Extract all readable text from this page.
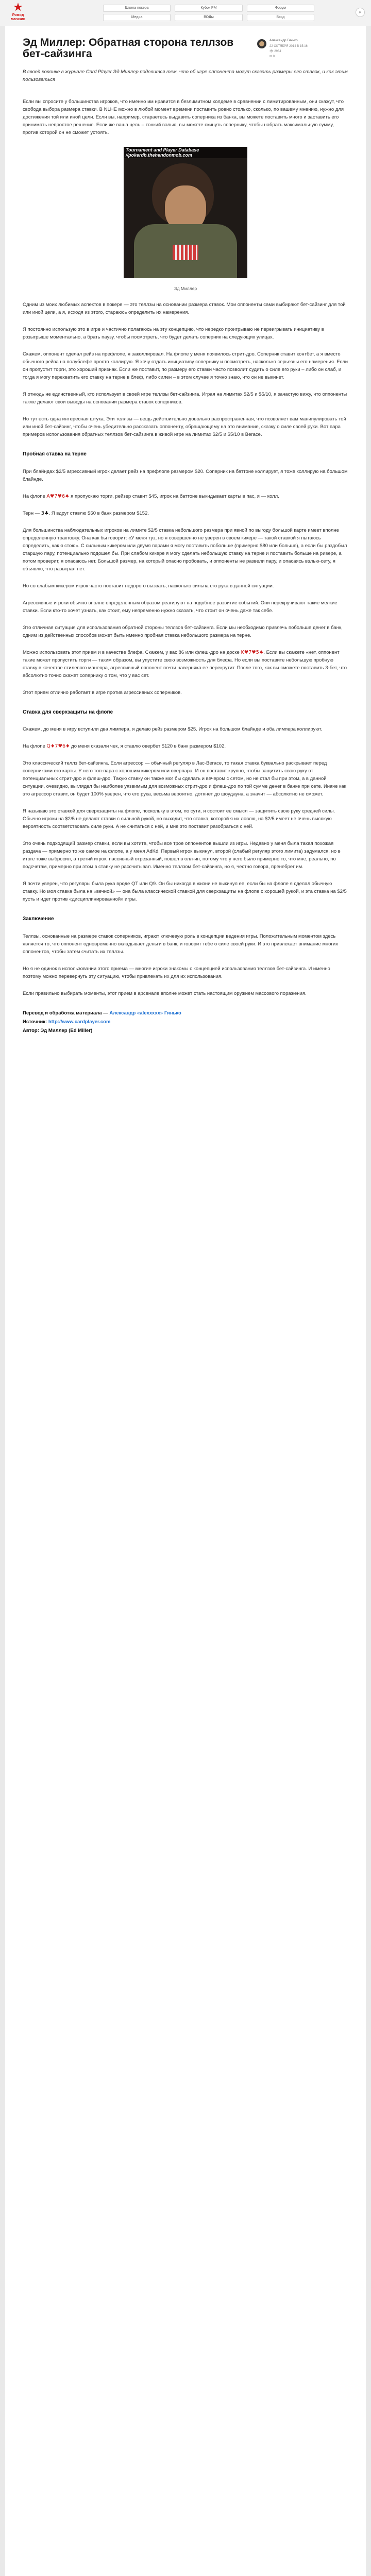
★
Ромид магазин
Школа покера	Кубок PM	Форум
Медиа	ВОДы	Вход
⌕
Эд Миллер: Обратная сторона теллзов бет-сайзинга
Александр Гинько
22 OКТЯБРЯ 2014 В 15:16
👁 2984
✉ 0
В своей колонке в журнале Card Player Эд Миллер поделится тем, что об игре оппонента могут сказать размеры его ставок, и как этим пользоваться
Если вы спросите у большинства игроков, что именно им нравится в безлимитном холдеме в сравнении с лимитированным, они скажут, что свобода выбора размера ставки. В NLHE можно в любой момент времени поставить ровно столько, сколько, по вашему мнению, нужно для достижения той или иной цели. Если вы, например, стараетесь выдавить соперника из банка, вы можете поставить много и заставить его принимать непростое решение. Если же ваша цель – тонкий вэлью, вы можете скинуть сопернику, чтобы набрать максимальную сумму, против которой он не сможет устоять.
Tournament and Player Database
//pokerdb.thehendonmob.com
Эд Миллер
Одним из моих любимых аспектов в покере — это теллзы на основании размера ставок. Мои оппоненты сами выбирают бет-сайзинг для той или иной цели, а я, исходя из этого, стараюсь определить их намерения.
Я постоянно использую это в игре и частично полагаюсь на эту концепцию, что нередко проигрываю не переигрывать инициативу в розыгрыше моментально, а брать паузу, чтобы посмотреть, что будет делать соперник на следующих улицах.
Скажем, оппонент сделал рейз на префлопе, я заколлировал. На флопе у меня появилось стрит-дро. Соперник ставит контбет, а я вместо обычного рейза на полублефе просто коллирую. Я хочу отдать инициативу сопернику и посмотреть, насколько серьезны его намерения. Если он пропустит торги, это хороший признак. Если же поставит, по размеру его ставки часто позволит судить о силе его руки – либо он слаб, и тогда я могу перехватить его ставку на терне в блеф, либо силен – в этом случае я точно знаю, что он не выкинет.
Я отнюдь не единственный, кто использует в своей игре теллзы бет-сайзинга. Играя на лимитах $2/5 и $5/10, я зачастую вижу, что оппоненты также делают свои выводы на основании размера ставок соперников.
Но тут есть одна интересная штука. Эти теллзы — вещь действительно довольно распространенная, что позволяет вам манипулировать той или иной бет-сайзинг, чтобы очень убедительно рассказать оппоненту, обращающему на это внимание, сказку о силе своей руки. Вот пара примеров использования обратных теллзов бет-сайзинга в живой игре на лимитах $2/5 и $5/10 в Вегасе.
Пробная ставка на терне
При блайндах $2/5 агрессивный игрок делает рейз на префлопе размером $20. Соперник на баттоне коллирует, я тоже коллирую на большом блайнде.
На флопе A♥7♥6♠ я пропускаю торги, рейзер ставит $45, игрок на баттоне выкидывает карты в пас, я — колл.
Терн — 3♣. Я вдруг ставлю $50 в банк размером $152.
Для большинства наблюдательных игроков на лимите $2/5 ставка небольшого размера при явной по выгоду большой карте имеет вполне определенную трактовку. Она как бы говорит: «У меня туз, но я совершенно не уверен в своем кикере — такой ставкой я пытаюсь определить, как я стою». С сильным кикером или двумя парами я могу поставить побольше (примерно $80 или больше), а если бы раздобыл старшую пару, потенциально подошел бы. При слабом кикере я могу сделать небольшую ставку на терне и поставить больше на ривере, а потом проверит, я опасаюсь нет. Большой размер, на который опасно пробовать, и оппоненты не развели пару, и опасаясь вэлью-сету, я объявлю, что разыграл нет.
Но со слабым кикером игрок часто поставит недорого вызвать, насколько сильна его рука в данной ситуации.
Агрессивные игроки обычно вполне определенным образом реагируют на подобное развитие событий. Они перекручивают такие мелкие ставки. Если кто-то хочет узнать, как стоит, ему непременно нужно сказать, что стоит он очень даже так себе.
Это отличная ситуация для использования обратной стороны теллзов бет-сайзинга. Если мы необходимо привлечь побольше денег в банк, одним из действенных способов может быть именно пробная ставка небольшого размера на терне.
Можно использовать этот прием и в качестве блефа. Скажем, у вас 86 или флеш-дро на доске K♥7♥5♠. Если вы скажете «нет, оппонент такие может пропустить торги — таким образом, вы упустите свою возможность для блефа. Но если вы поставите небольшую пробную ставку в качестве стилевого маневра, агрессивный оппонент почти наверняка ее перекрутит. После того, как вы сможете поставить 3-бет, что абсолютно точно скажет сопернику о том, что у вас сет.
Этот прием отлично работает в игре против агрессивных соперников.
Ставка для сверхзащиты на флопе
Скажем, до меня в игру вступили два лимпера, я делаю рейз размером $25. Игрок на большом блайнде и оба лимпера коллируют.
На флопе Q♦7♥6♦ до меня сказали чек, я ставлю овербет $120 в банк размером $102.
Это классический теллз бет-сайзинга. Если агрессор — обычный регуляр в Лас-Вегасе, то такая ставка буквально раскрывает перед соперниками его карты. У него топ-пара с хорошим кикером или оверпара. И он поставит крупно, чтобы защитить свою руку от потенциальных стрит-дро и флеш-дро. Такую ставку он также мог бы сделать и вечером с сетом, но не стал бы при этом, а в данной ситуации, очевидно, выглядел бы наиболее уязвимым для возможных стрит-дро и флеш-дро по той сумме денег в банке при сете. Иначе как это агрессор ставит, он будет 100% уверен, что его рука, весьма вероятно, дотянет до шоудауна, а значит — абсолютно не сможет.
Я называю это ставкой для сверхзащиты на флопе, поскольку в этом, по сути, и состоит ее смысл — защитить свою руку средней силы. Обычно игроки на $2/5 не делают ставки с сильной рукой, но выходит, что ставка, которой я их ловлю, на $2/5 имеет не очень высокую вероятность соответствовать силе руки. А не считаться с ней, и мне это поставит разобраться с ней.
Это очень подходящий размер ставки, если вы хотите, чтобы все трое оппонентов вышли из игры. Недавно у меня была такая похожая раздача — примерно то же самое на флопе, а у меня AdKd. Первый игрок выкинул, второй (слабый регуляр этого лимита) задумался, но в итоге тоже выбросил, а третий игрок, пассивный отрезанный, пошел в олл-ин, потому что у него было примерно то, что мне, реально, по подсчетам, примерно при этом в ставку не рассчитывал. Именно теллзом бет-сайзинга, но я, честно говоря, пренебрег им.
Я почти уверен, что регуляры была рука вроде QT или Q9. Он бы никогда в жизни не выкинул ее, если бы на флопе я сделал обычную ставку. Но моя ставка была на «вечной» — она была классической ставкой для сверхзащиты на флопе с хорошей рукой, и эта ставка на $2/5 пусть и идет против «дисциплинированной» игры.
Заключение
Теллзы, основанные на размере ставок соперников, играют ключевую роль в концепции ведения игры. Положительным моментом здесь является то, что оппонент одновременно вкладывает деньги в банк, и говорит тебе о силе своей руки. И это привлекает внимание многих оппонентов, чтобы затем считать их теллзы.
Но я не одинок в использовании этого приема — многие игроки знакомы с концепцией использования теллзов бет-сайзинга. И именно поэтому можно перевернуть эту ситуацию, чтобы привлекать их для их использования.
Если правильно выбирать моменты, этот прием в арсенале вполне может стать настоящим оружием массового поражения.
Перевод и обработка материала — Александр «alexxxxx» Гинько
Источник: http://www.cardplayer.com
Автор: Эд Миллер (Ed Miller)
